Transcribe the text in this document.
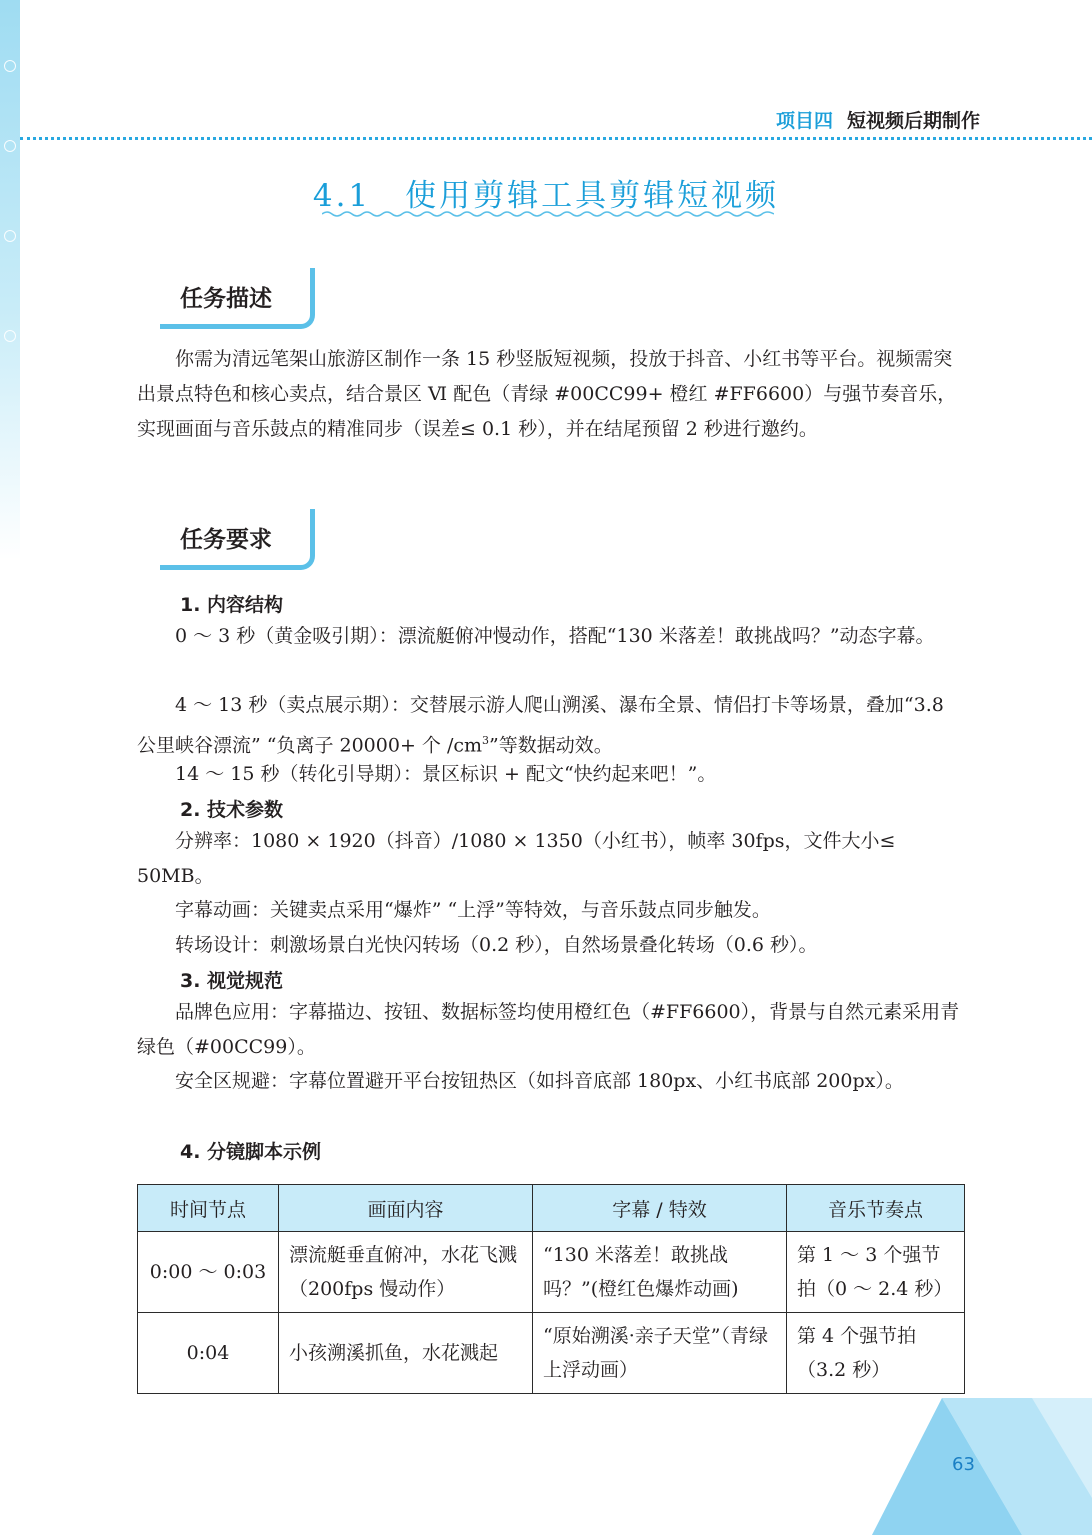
项目四 短视频后期制作
4.1　使用剪辑工具剪辑短视频
任务描述

你需为清远笔架山旅游区制作一条 15 秒竖版短视频，投放于抖音、小红书等平台。视频需突出景点特色和核心卖点，结合景区 Ⅵ 配色（青绿 #00CC99+ 橙红 #FF6600）与强节奏音乐，实现画面与音乐鼓点的精准同步（误差≤ 0.1 秒），并在结尾预留 2 秒进行邀约。

任务要求
1. 内容结构

0 ～ 3 秒（黄金吸引期）：漂流艇俯冲慢动作，搭配“130 米落差！敢挑战吗？”动态字幕。

4 ～ 13 秒（卖点展示期）：交替展示游人爬山溯溪、瀑布全景、情侣打卡等场景，叠加“3.8 公里峡谷漂流” “负离子 20000+ 个 $/cm^3$”等数据动效。

14 ～ 15 秒（转化引导期）：景区标识 + 配文“快约起来吧！”。

2. 技术参数

分辨率：1080 × 1920（抖音）/1080 × 1350（小红书），帧率 30fps，文件大小≤ 50MB。

字幕动画：关键卖点采用“爆炸” “上浮”等特效，与音乐鼓点同步触发。

转场设计：刺激场景白光快闪转场（0.2 秒），自然场景叠化转场（0.6 秒）。

3. 视觉规范

品牌色应用：字幕描边、按钮、数据标签均使用橙红色（#FF6600），背景与自然元素采用青绿色（#00CC99）。

安全区规避：字幕位置避开平台按钮热区（如抖音底部 180px、小红书底部 200px）。

4. 分镜脚本示例
时间节点	画面内容	字幕 / 特效	音乐节奏点
0:00 ～ 0:03	漂流艇垂直俯冲，水花飞溅（200fps 慢动作）	“130 米落差！敢挑战吗？”(橙红色爆炸动画)	第 1 ～ 3 个强节拍（0 ～ 2.4 秒）
0:04	小孩溯溪抓鱼，水花溅起	“原始溯溪·亲子天堂”（青绿上浮动画）	第 4 个强节拍（3.2 秒）
63
